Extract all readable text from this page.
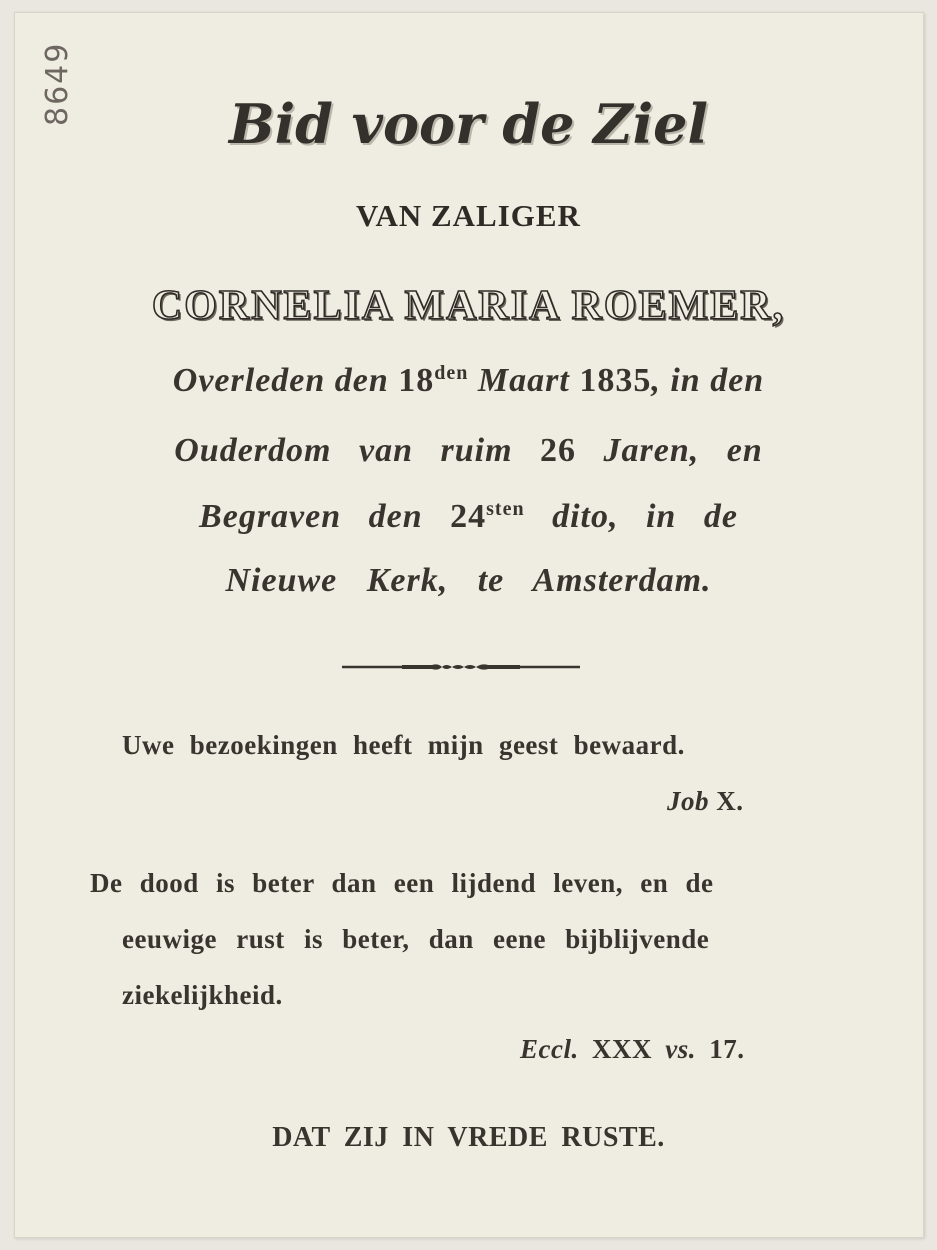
8649	Bid voor de Ziel
VAN ZALIGER
CORNELIA MARIA ROEMER,
Overleden den $18^{den}$ Maart 1835, in den
Ouderdom van ruim 26 Jaren, en
Begraven den $24^{sten}$ dito, in de
Nieuwe Kerk, te Amsterdam.
Uwe bezoekingen heeft mijn geest bewaard.
Job X.
De dood is beter dan een lijdend leven, en de
eeuwige rust is beter, dan eene bijblijvende
ziekelijkheid.
Eccl. XXX vs. 17.
DAT ZIJ IN VREDE RUSTE.
